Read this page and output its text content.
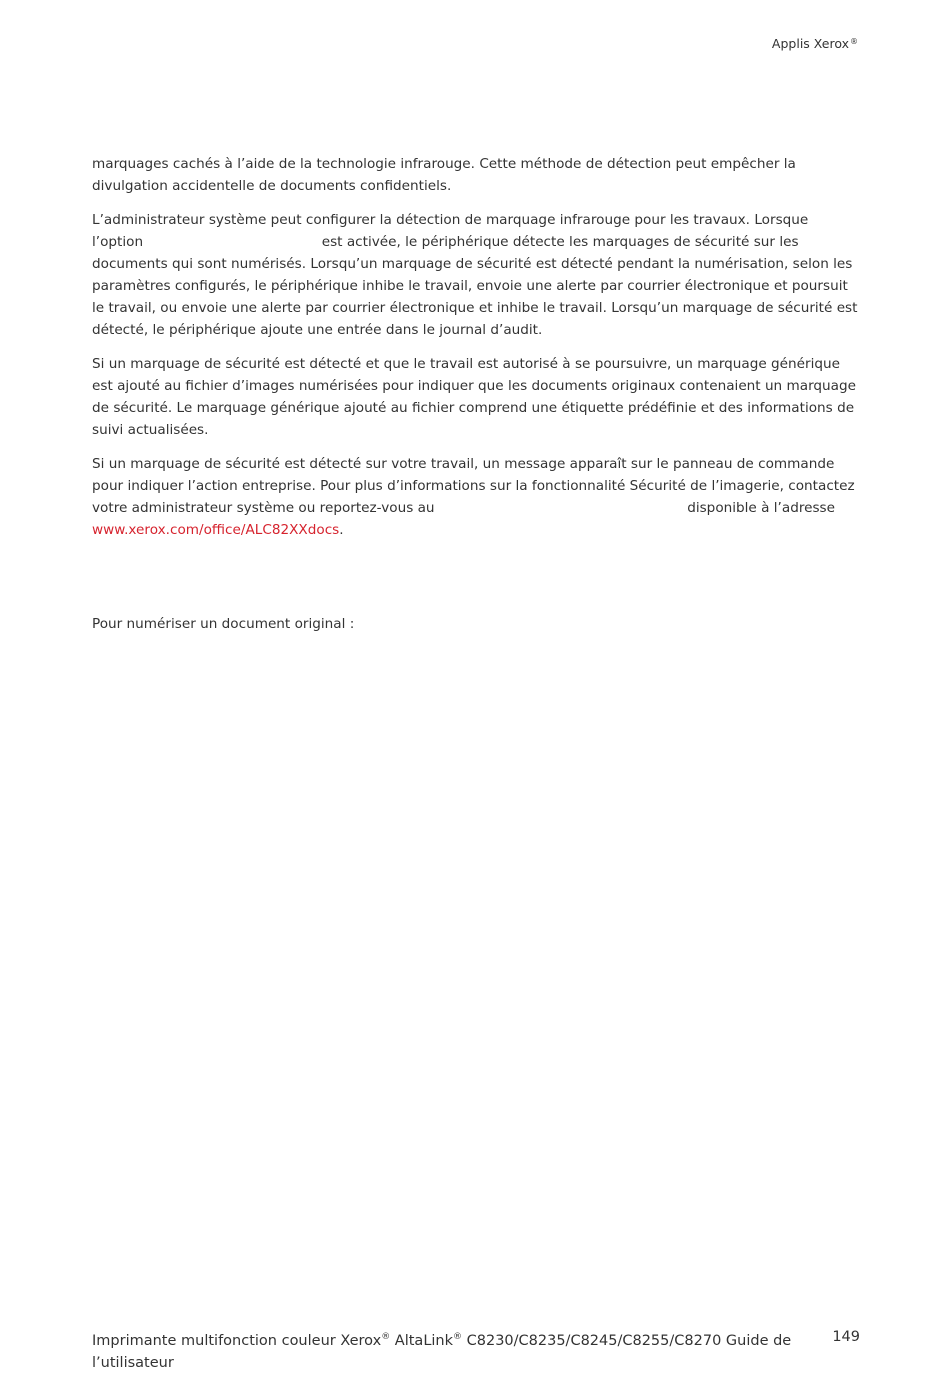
Applis Xerox®

marquages cachés à l’aide de la technologie infrarouge. Cette méthode de détection peut empêcher la divulgation accidentelle de documents confidentiels.

L’administrateur système peut configurer la détection de marquage infrarouge pour les travaux. Lorsque l’option	est activée, le périphérique détecte les marquages de sécurité sur les documents qui sont numérisés. Lorsqu’un marquage de sécurité est détecté pendant la numérisation, selon les paramètres configurés, le périphérique inhibe le travail, envoie une alerte par courrier électronique et poursuit le travail, ou envoie une alerte par courrier électronique et inhibe le travail. Lorsqu’un marquage de sécurité est détecté, le périphérique ajoute une entrée dans le journal d’audit.

Si un marquage de sécurité est détecté et que le travail est autorisé à se poursuivre, un marquage générique est ajouté au fichier d’images numérisées pour indiquer que les documents originaux contenaient un marquage de sécurité. Le marquage générique ajouté au fichier comprend une étiquette prédéfinie et des informations de suivi actualisées.

Si un marquage de sécurité est détecté sur votre travail, un message apparaît sur le panneau de commande pour indiquer l’action entreprise. Pour plus d’informations sur la fonctionnalité Sécurité de l’imagerie, contactez votre administrateur système ou reportez-vous au	disponible à l’adresse www.xerox.com/office/ALC82XXdocs.

Pour numériser un document original :

Imprimante multifonction couleur Xerox® AltaLink® C8230/C8235/C8245/C8255/C8270 Guide de l’utilisateur
149
